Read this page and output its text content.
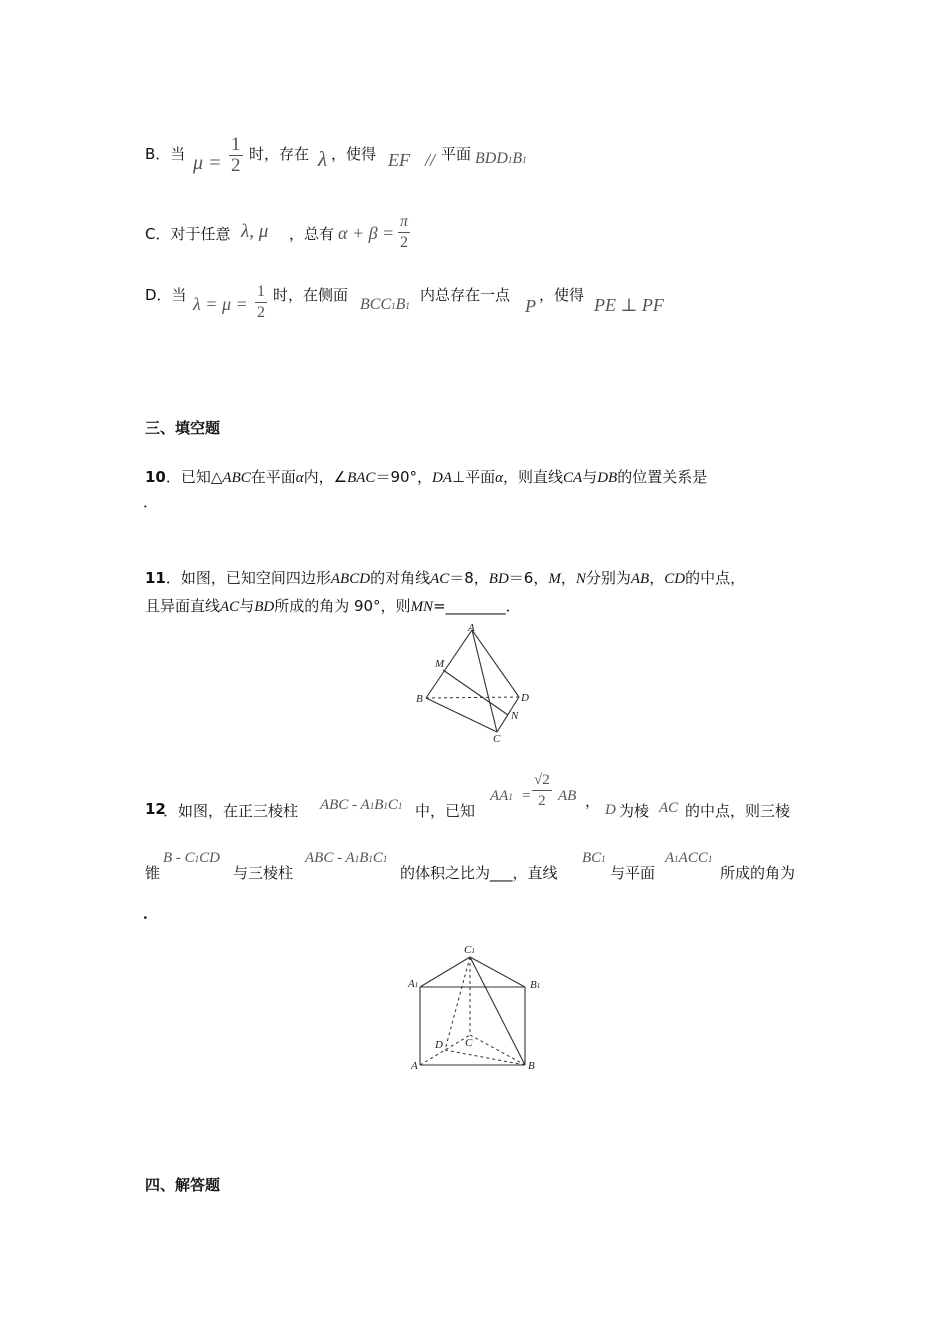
B．当 $\mu = \frac{1}{2}$ 时，存在 λ ，使得 EF // 平面 BDD1B1
C．对于任意 λ, μ ，总有 $\alpha + \beta = \frac{\pi}{2}$
D．当 $\lambda = \mu = \frac{1}{2}$ 时，在侧面
BCC1B1
内总存在一点
P
，使得 PE ⊥ PF
三、填空题
10．已知△ABC在平面α内，∠BAC＝90°，DA⊥平面α，则直线CA与DB的位置关系是
．
11．如图，已知空间四边形ABCD的对角线AC＝8，BD＝6，M，N分别为AB，CD的中点，
且异面直线AC与BD所成的角为 90°，则MN=________．
A
M
B	D
N
C
12
．如图，在正三棱柱 ABC - A1B1C1 中，已知
$AA1 = \frac{√2}{2}$ AB ， D 为棱 AC 的中点，则三棱
锥
B - C1CD
与三棱柱
ABC - A1B1C1
的体积之比为___，直线
BC1
与平面
A1ACC1
所成的角为
．
C1
A1	B1
D C
A	B
四、解答题
